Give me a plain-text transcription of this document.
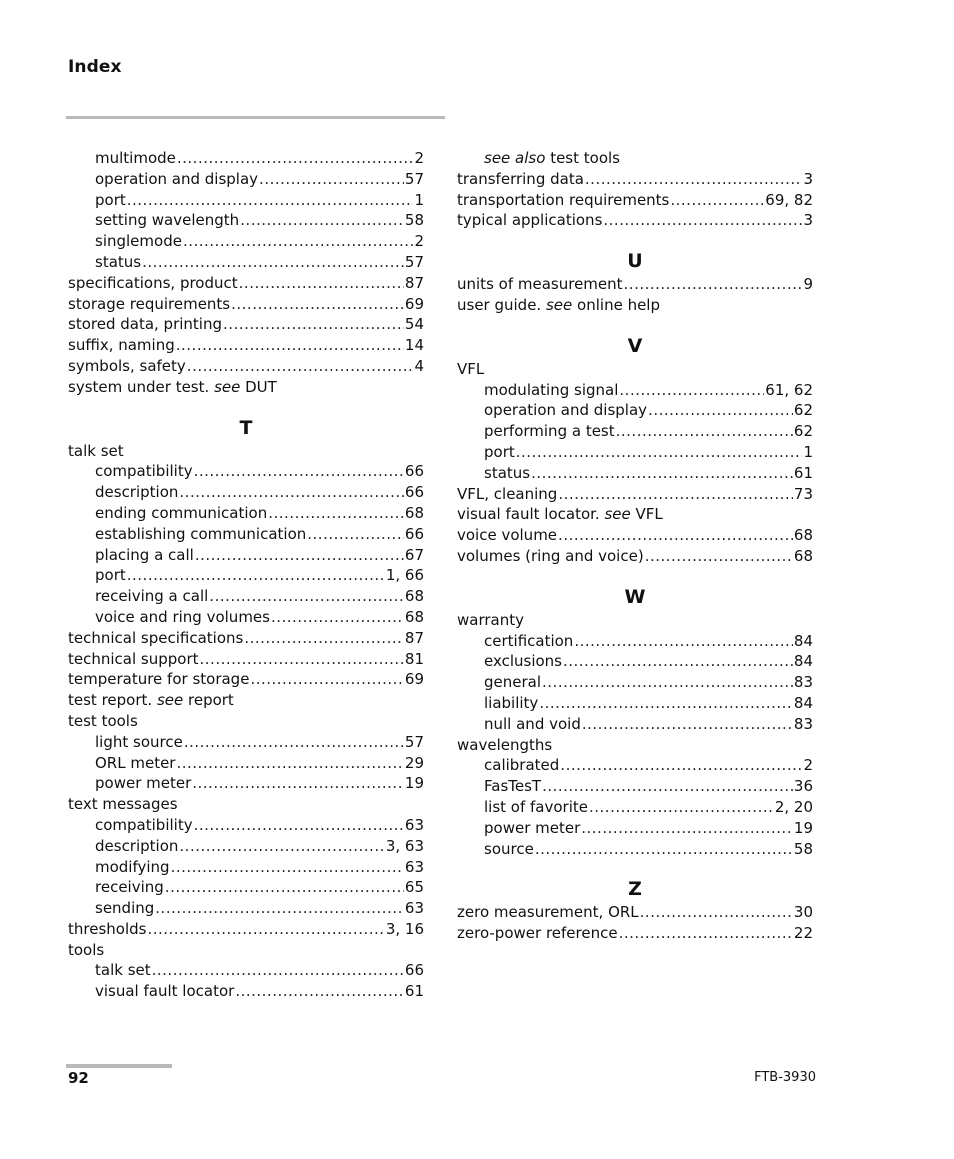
Index
multimode .....	2
operation and display .....	57
port .....	1
setting wavelength .....	58
singlemode .....	2
status .....	57
specifications, product .....	87
storage requirements .....	69
stored data, printing .....	54
suffix, naming .....	14
symbols, safety .....	4
system under test.
see
DUT
T
talk set
compatibility .....	66
description .....	66
ending communication .....	68
establishing communication .....	66
placing a call .....	67
port .....	1, 66
receiving a call .....	68
voice and ring volumes .....	68
technical specifications .....	87
technical support .....	81
temperature for storage .....	69
test report.
see
report
test tools
light source .....	57
ORL meter .....	29
power meter .....	19
text messages
compatibility .....	63
description .....	3, 63
modifying .....	63
receiving .....	65
sending .....	63
thresholds .....	3, 16
tools
talk set .....	66
visual fault locator .....	61
see also
test tools
transferring data .....	3
transportation requirements .....	69, 82
typical applications .....	3
U
units of measurement .....	9
user guide.
see
online help
V
VFL
modulating signal .....	61, 62
operation and display .....	62
performing a test .....	62
port .....	1
status .....	61
VFL, cleaning .....	73
visual fault locator.
see
VFL
voice volume .....	68
volumes (ring and voice) .....	68
W
warranty
certification .....	84
exclusions .....	84
general .....	83
liability .....	84
null and void .....	83
wavelengths
calibrated .....	2
FasTesT .....	36
list of favorite .....	2, 20
power meter .....	19
source .....	58
Z
zero measurement, ORL .....	30
zero-power reference .....	22
92	FTB-3930
